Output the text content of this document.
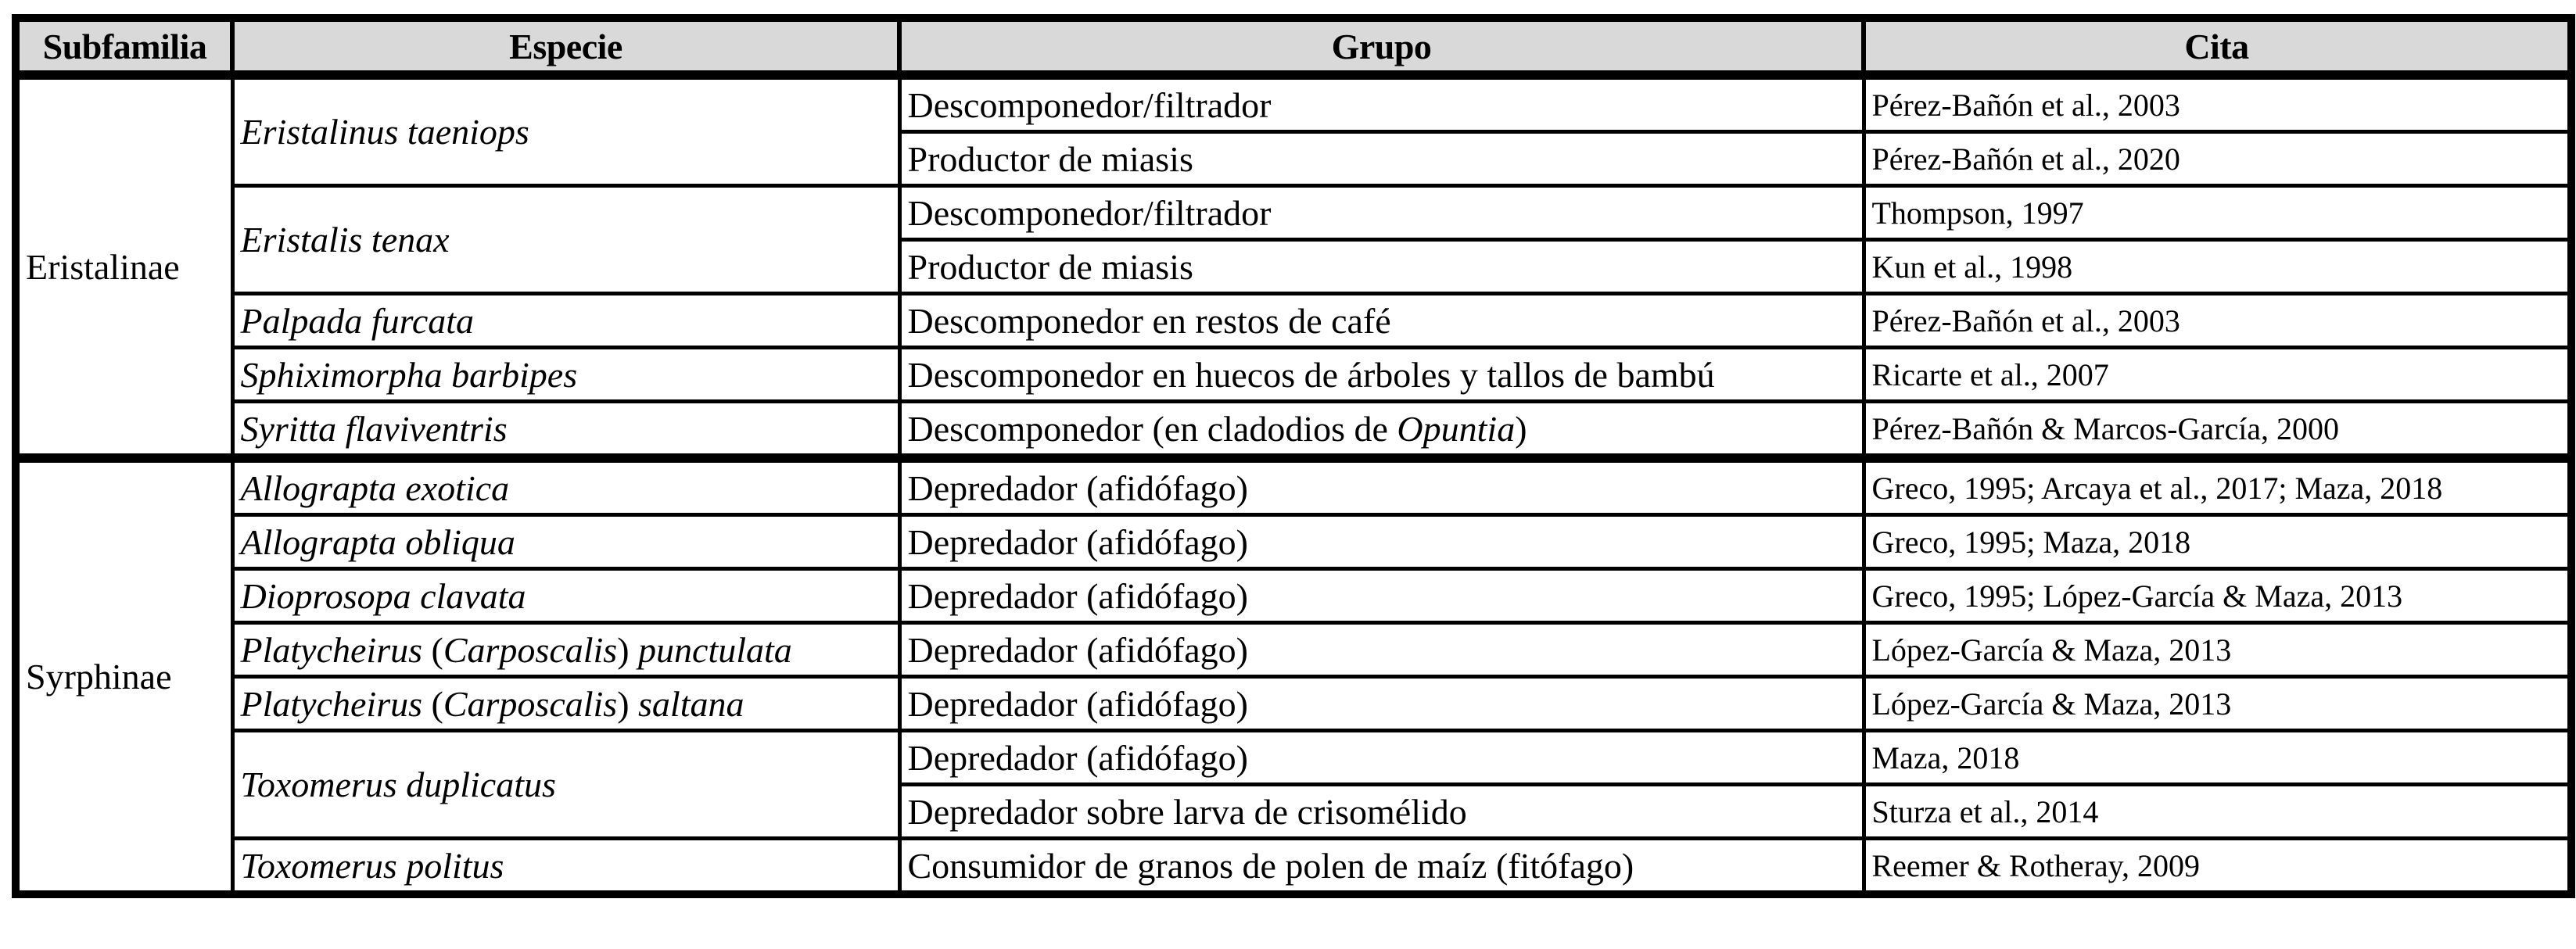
Subfamilia	Especie	Grupo	Cita
Eristalinae	Eristalinus taeniops	Descomponedor/filtrador	Pérez-Bañón et al., 2003
		Productor de miasis	Pérez-Bañón et al., 2020
	Eristalis tenax	Descomponedor/filtrador	Thompson, 1997
		Productor de miasis	Kun et al., 1998
	Palpada furcata	Descomponedor en restos de café	Pérez-Bañón et al., 2003
	Sphiximorpha barbipes	Descomponedor en huecos de árboles y tallos de bambú	Ricarte et al., 2007
	Syritta flaviventris	Descomponedor (en cladodios de Opuntia)	Pérez-Bañón & Marcos-García, 2000
Syrphinae	Allograpta exotica	Depredador (afidófago)	Greco, 1995; Arcaya et al., 2017; Maza, 2018
	Allograpta obliqua	Depredador (afidófago)	Greco, 1995; Maza, 2018
	Dioprosopa clavata	Depredador (afidófago)	Greco, 1995; López-García & Maza, 2013
	Platycheirus (Carposcalis) punctulata	Depredador (afidófago)	López-García & Maza, 2013
	Platycheirus (Carposcalis) saltana	Depredador (afidófago)	López-García & Maza, 2013
	Toxomerus duplicatus	Depredador (afidófago)	Maza, 2018
		Depredador sobre larva de crisomélido	Sturza et al., 2014
	Toxomerus politus	Consumidor de granos de polen de maíz (fitófago)	Reemer & Rotheray, 2009
